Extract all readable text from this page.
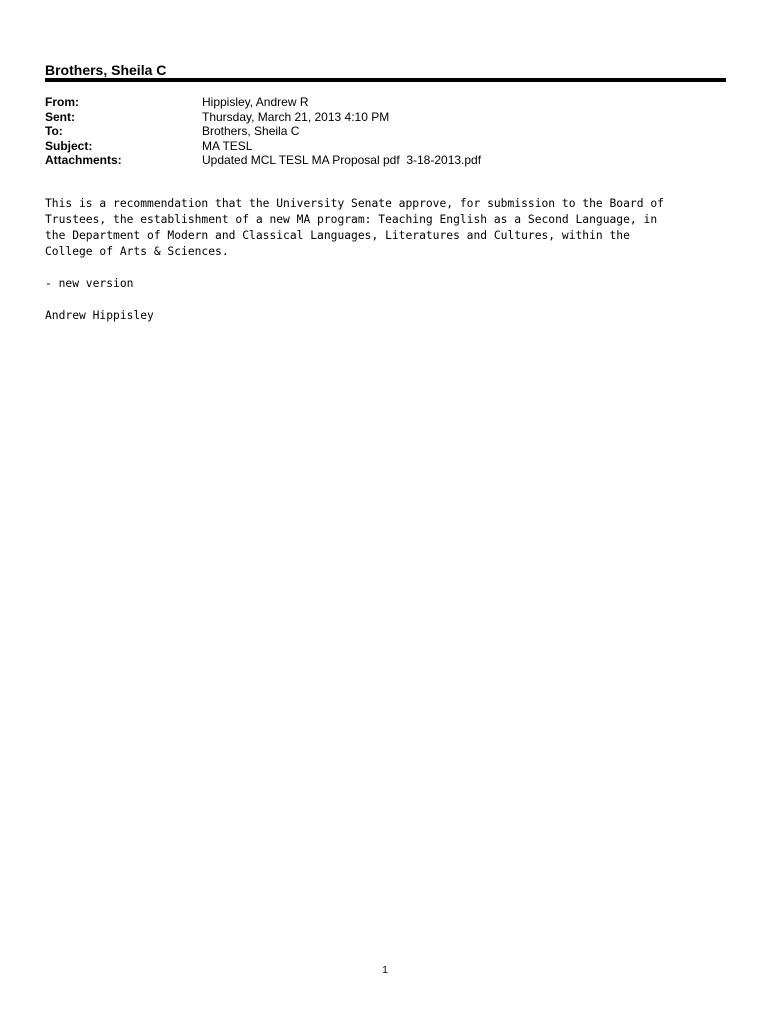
Brothers, Sheila C
From:	Hippisley, Andrew R
Sent:	Thursday, March 21, 2013 4:10 PM
To:	Brothers, Sheila C
Subject:	MA TESL
Attachments:	Updated MCL TESL MA Proposal pdf  3-18-2013.pdf
This is a recommendation that the University Senate approve, for submission to the Board of
Trustees, the establishment of a new MA program: Teaching English as a Second Language, in
the Department of Modern and Classical Languages, Literatures and Cultures, within the
College of Arts & Sciences.
- new version
Andrew Hippisley
1
